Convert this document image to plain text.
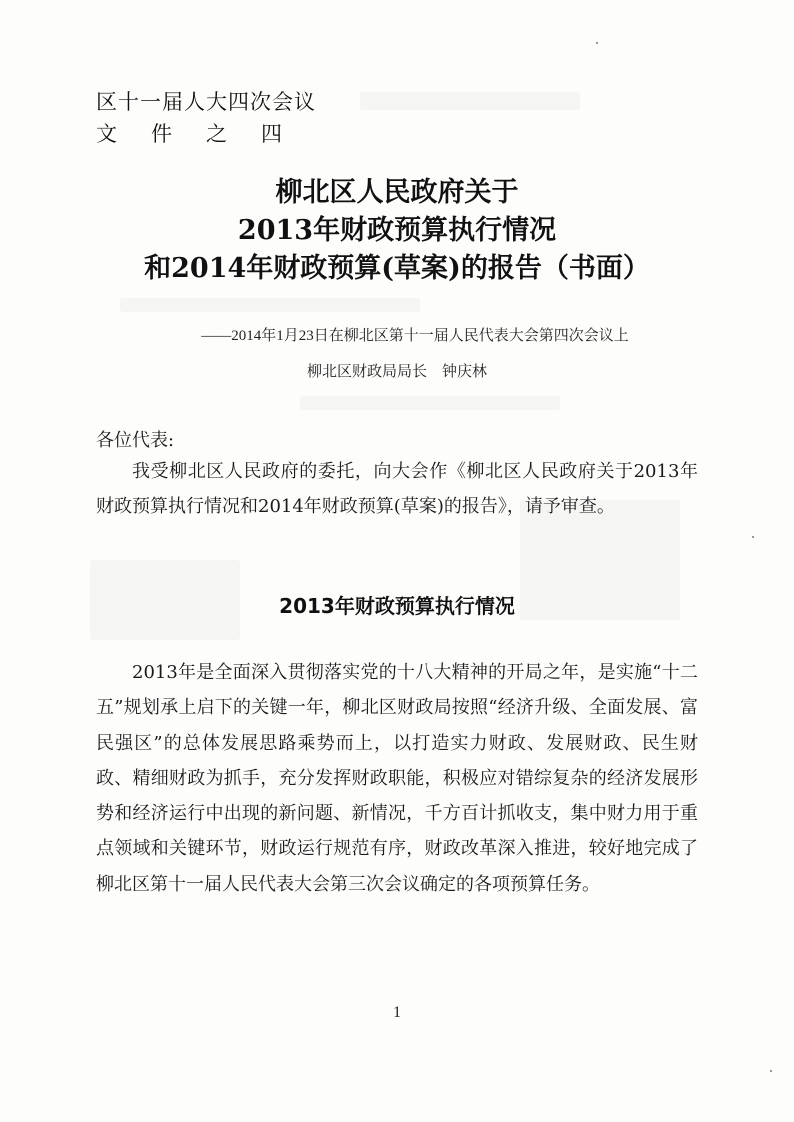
区十一届人大四次会议
文件之四
柳北区人民政府关于
2013年财政预算执行情况
和2014年财政预算(草案)的报告（书面）
——2014年1月23日在柳北区第十一届人民代表大会第四次会议上
柳北区财政局局长　钟庆林
各位代表:
我受柳北区人民政府的委托，向大会作《柳北区人民政府关于2013年财政预算执行情况和2014年财政预算(草案)的报告》，请予审查。
2013年财政预算执行情况
2013年是全面深入贯彻落实党的十八大精神的开局之年，是实施“十二五”规划承上启下的关键一年，柳北区财政局按照“经济升级、全面发展、富民强区”的总体发展思路乘势而上，以打造实力财政、发展财政、民生财政、精细财政为抓手，充分发挥财政职能，积极应对错综复杂的经济发展形势和经济运行中出现的新问题、新情况，千方百计抓收支，集中财力用于重点领域和关键环节，财政运行规范有序，财政改革深入推进，较好地完成了柳北区第十一届人民代表大会第三次会议确定的各项预算任务。
1
